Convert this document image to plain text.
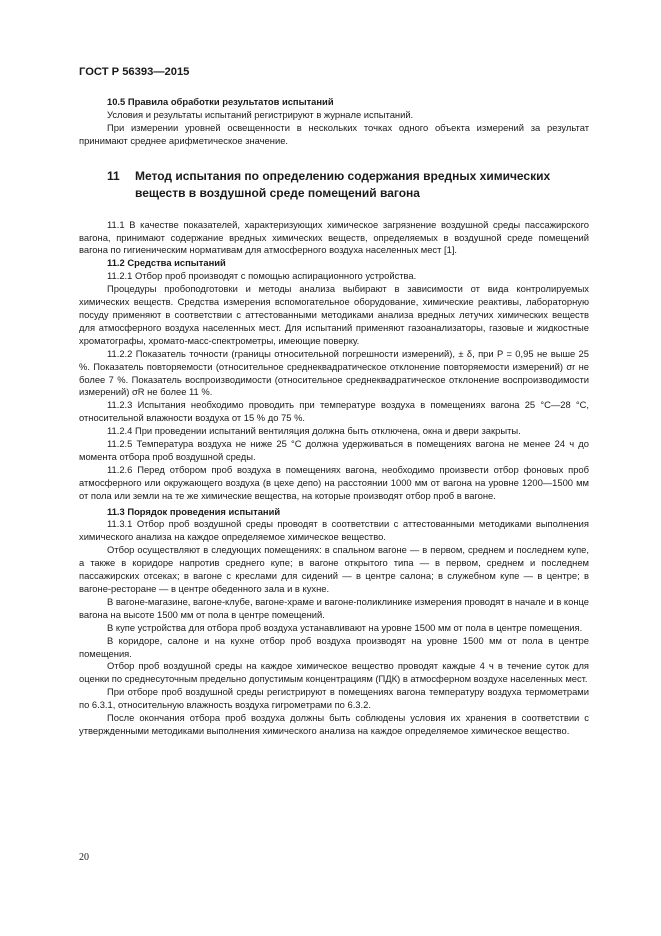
ГОСТ Р 56393—2015

10.5 Правила обработки результатов испытаний

Условия и результаты испытаний регистрируют в журнале испытаний.

При измерении уровней освещенности в нескольких точках одного объекта измерений за результат принимают среднее арифметическое значение.

11 Метод испытания по определению содержания вредных химических
веществ в воздушной среде помещений вагона

11.1 В качестве показателей, характеризующих химическое загрязнение воздушной среды пассажирского вагона, принимают содержание вредных химических веществ, определяемых в воздушной среде помещений вагона по гигиеническим нормативам для атмосферного воздуха населенных мест [1].

11.2 Средства испытаний

11.2.1 Отбор проб производят с помощью аспирационного устройства.

Процедуры пробоподготовки и методы анализа выбирают в зависимости от вида контролируемых химических веществ. Средства измерения вспомогательное оборудование, химические реактивы, лабораторную посуду применяют в соответствии с аттестованными методиками анализа вредных летучих химических веществ для атмосферного воздуха населенных мест. Для испытаний применяют газоанализаторы, газовые и жидкостные хроматографы, хромато-масс-спектрометры, имеющие поверку.

11.2.2 Показатель точности (границы относительной погрешности измерений), ± δ, при P = 0,95 не выше 25 %. Показатель повторяемости (относительное среднеквадратическое отклонение повторяемости измерений) σr не более 7 %. Показатель воспроизводимости (относительное среднеквадратическое отклонение воспроизводимости измерений) σR не более 11 %.

11.2.3 Испытания необходимо проводить при температуре воздуха в помещениях вагона 25 °С—28 °С, относительной влажности воздуха от 15 % до 75 %.

11.2.4 При проведении испытаний вентиляция должна быть отключена, окна и двери закрыты.

11.2.5 Температура воздуха не ниже 25 °С должна удерживаться в помещениях вагона не менее 24 ч до момента отбора проб воздушной среды.

11.2.6 Перед отбором проб воздуха в помещениях вагона, необходимо произвести отбор фоновых проб атмосферного или окружающего воздуха (в цехе депо) на расстоянии 1000 мм от вагона на уровне 1200—1500 мм от пола или земли на те же химические вещества, на которые производят отбор проб в вагоне.

11.3 Порядок проведения испытаний

11.3.1 Отбор проб воздушной среды проводят в соответствии с аттестованными методиками выполнения химического анализа на каждое определяемое химическое вещество.

Отбор осуществляют в следующих помещениях: в спальном вагоне — в первом, среднем и последнем купе, а также в коридоре напротив среднего купе; в вагоне открытого типа — в первом, среднем и последнем пассажирских отсеках; в вагоне с креслами для сидений — в центре салона; в служебном купе — в центре; в вагоне-ресторане — в центре обеденного зала и в кухне.

В вагоне-магазине, вагоне-клубе, вагоне-храме и вагоне-поликлинике измерения проводят в начале и в конце вагона на высоте 1500 мм от пола в центре помещений.

В купе устройства для отбора проб воздуха устанавливают на уровне 1500 мм от пола в центре помещения.

В коридоре, салоне и на кухне отбор проб воздуха производят на уровне 1500 мм от пола в центре помещения.

Отбор проб воздушной среды на каждое химическое вещество проводят каждые 4 ч в течение суток для оценки по среднесуточным предельно допустимым концентрациям (ПДК) в атмосферном воздухе населенных мест.

При отборе проб воздушной среды регистрируют в помещениях вагона температуру воздуха термометрами по 6.3.1, относительную влажность воздуха гигрометрами по 6.3.2.

После окончания отбора проб воздуха должны быть соблюдены условия их хранения в соответствии с утвержденными методиками выполнения химического анализа на каждое определяемое химическое вещество.

20
